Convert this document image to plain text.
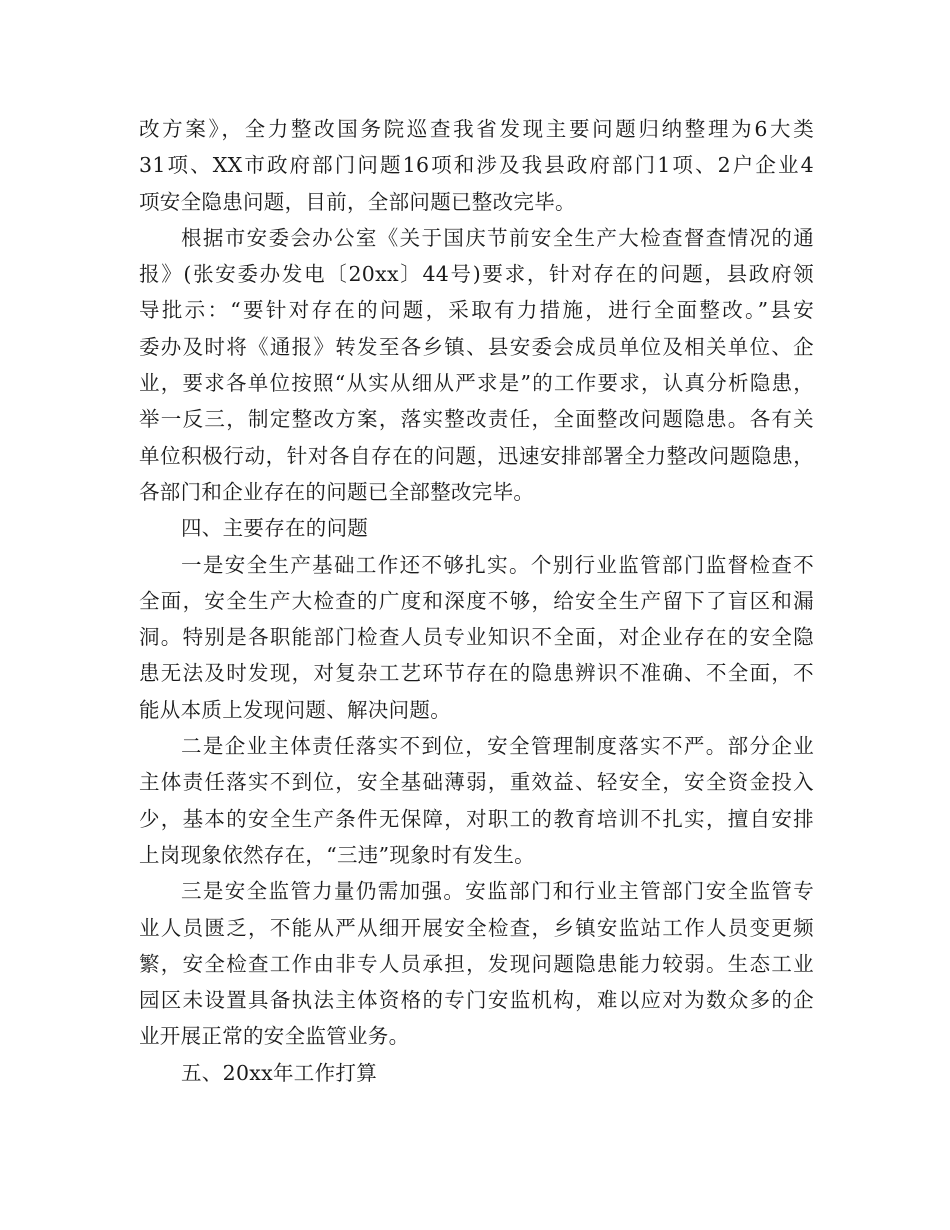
改方案》，全力整改国务院巡查我省发现主要问题归纳整理为6大类
31项、XX市政府部门问题16项和涉及我县政府部门1项、2户企业4
项安全隐患问题，目前，全部问题已整改完毕。
根据市安委会办公室《关于国庆节前安全生产大检查督查情况的通
报》(张安委办发电〔20xx〕44号)要求，针对存在的问题，县政府领
导批示：“要针对存在的问题，采取有力措施，进行全面整改。”县安
委办及时将《通报》转发至各乡镇、县安委会成员单位及相关单位、企
业，要求各单位按照“从实从细从严求是”的工作要求，认真分析隐患，
举一反三，制定整改方案，落实整改责任，全面整改问题隐患。各有关
单位积极行动，针对各自存在的问题，迅速安排部署全力整改问题隐患，
各部门和企业存在的问题已全部整改完毕。
四、主要存在的问题
一是安全生产基础工作还不够扎实。个别行业监管部门监督检查不
全面，安全生产大检查的广度和深度不够，给安全生产留下了盲区和漏
洞。特别是各职能部门检查人员专业知识不全面，对企业存在的安全隐
患无法及时发现，对复杂工艺环节存在的隐患辨识不准确、不全面，不
能从本质上发现问题、解决问题。
二是企业主体责任落实不到位，安全管理制度落实不严。部分企业
主体责任落实不到位，安全基础薄弱，重效益、轻安全，安全资金投入
少，基本的安全生产条件无保障，对职工的教育培训不扎实，擅自安排
上岗现象依然存在，“三违”现象时有发生。
三是安全监管力量仍需加强。安监部门和行业主管部门安全监管专
业人员匮乏，不能从严从细开展安全检查，乡镇安监站工作人员变更频
繁，安全检查工作由非专人员承担，发现问题隐患能力较弱。生态工业
园区未设置具备执法主体资格的专门安监机构，难以应对为数众多的企
业开展正常的安全监管业务。
五、20xx年工作打算
